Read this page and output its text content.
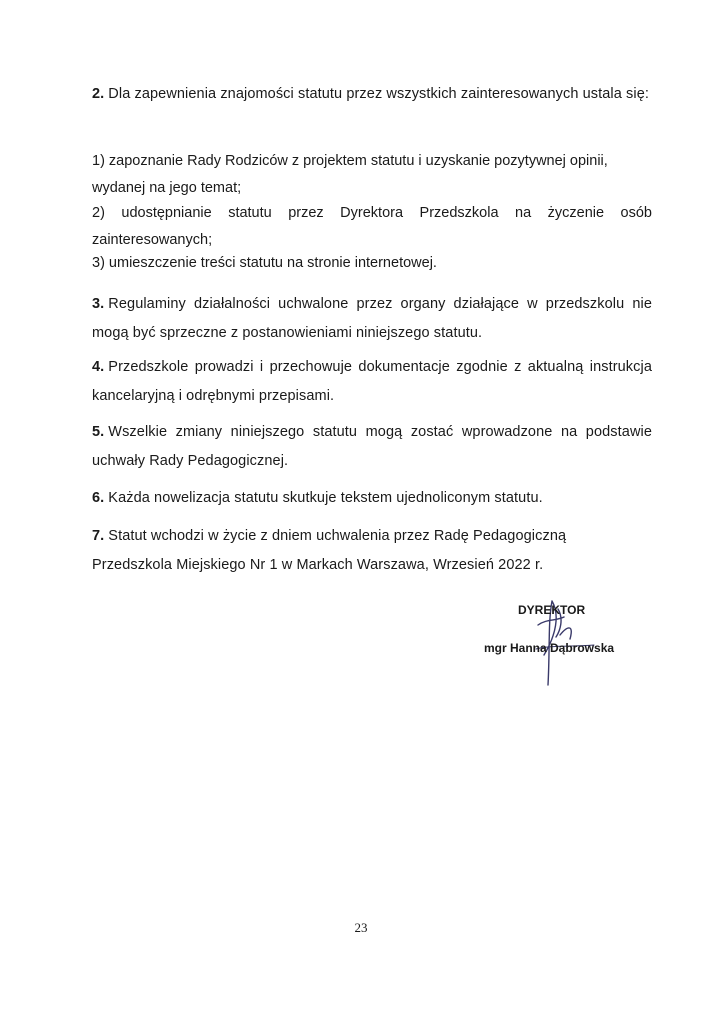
2. Dla zapewnienia znajomości statutu przez wszystkich zainteresowanych ustala się:
1) zapoznanie Rady Rodziców z projektem statutu i uzyskanie pozytywnej opinii, wydanej na jego temat;
2) udostępnianie statutu przez Dyrektora Przedszkola na życzenie osób zainteresowanych;
3) umieszczenie treści statutu na stronie internetowej.
3. Regulaminy działalności uchwalone przez organy działające w przedszkolu nie mogą być sprzeczne z postanowieniami niniejszego statutu.
4. Przedszkole prowadzi i przechowuje dokumentacje zgodnie z aktualną instrukcja kancelaryjną i odrębnymi przepisami.
5. Wszelkie zmiany niniejszego statutu mogą zostać wprowadzone na podstawie uchwały Rady Pedagogicznej.
6. Każda nowelizacja statutu skutkuje tekstem ujednoliconym statutu.
7. Statut wchodzi w życie z dniem uchwalenia przez Radę Pedagogiczną Przedszkola Miejskiego Nr 1 w Markach Warszawa, Wrzesień 2022 r.
DYREKTOR
mgr Hanna Dąbrowska
23
